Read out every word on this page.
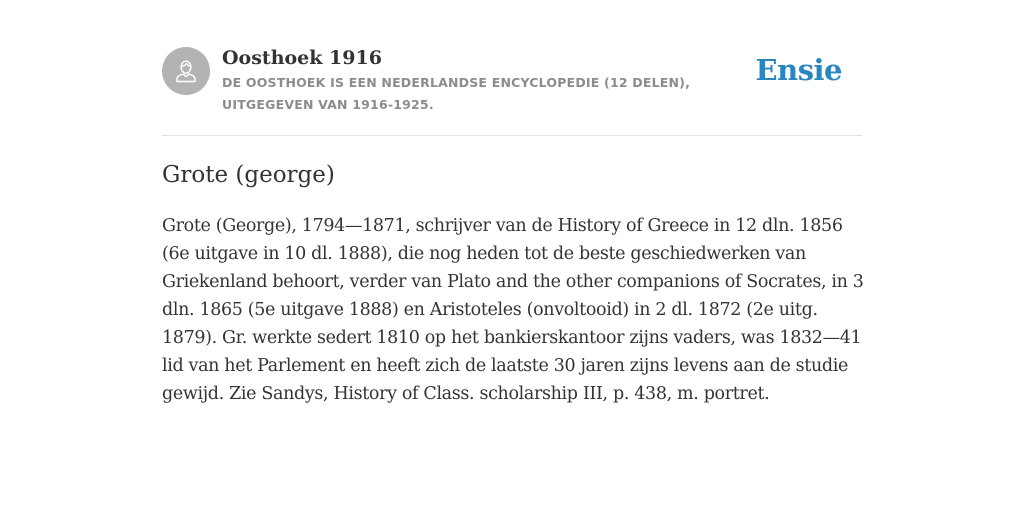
Oosthoek 1916

DE OOSTHOEK IS EEN NEDERLANDSE ENCYCLOPEDIE (12 DELEN), UITGEGEVEN VAN 1916-1925.

Ensie
Grote (george)

Grote (George), 1794—1871, schrijver van de History of Greece in 12 dln. 1856 (6e uitgave in 10 dl. 1888), die nog heden tot de beste geschiedwerken van Griekenland behoort, verder van Plato and the other companions of Socrates, in 3 dln. 1865 (5e uitgave 1888) en Aristoteles (onvoltooid) in 2 dl. 1872 (2e uitg. 1879). Gr. werkte sedert 1810 op het bankierskantoor zijns vaders, was 1832—41 lid van het Parlement en heeft zich de laatste 30 jaren zijns levens aan de studie gewijd. Zie Sandys, History of Class. scholarship III, p. 438, m. portret.
